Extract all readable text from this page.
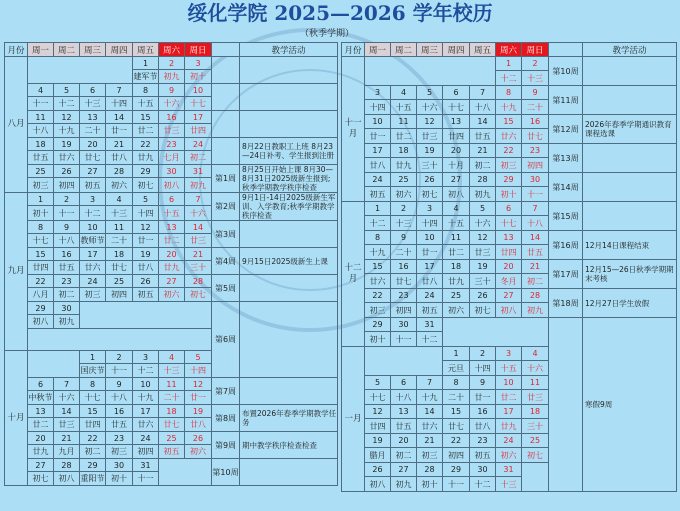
绥化学院 2025—2026 学年校历
（秋季学期）
月份	周一	周二	周三	周四	周五	周六	周日		教学活动
八月					1	2	3		
					建军节	初九	初十		
	4	5	6	7	8	9	10		
	十一	十二	十三	十四	十五	十六	十七		
	11	12	13	14	15	16	17		
	十八	十九	二十	廿一	廿二	廿三	廿四		
	18	19	20	21	22	23	24		8月22日教职工上班 8月23—24日补考、学生报到注册
	廿五	廿六	廿七	廿八	廿九	七月	初二		
	25	26	27	28	29	30	31	第1周	8月25日开始上课 8月30—8月31日2025级新生报到;秋季学期教学秩序检查
	初三	初四	初五	初六	初七	初八	初九		
九月	1	2	3	4	5	6	7	第2周	9月1日-14日2025级新生军训、入学教育;秋季学期教学秩序检查
	初十	十一	十二	十三	十四	十五	十六		
	8	9	10	11	12	13	14	第3周	
	十七	十八	教师节	二十	廿一	廿二	廿三		
	15	16	17	18	19	20	21	第4周	9月15日2025级新生上课
	廿四	廿五	廿六	廿七	廿八	廿九	三十		
	22	23	24	25	26	27	28	第5周	
	八月	初二	初三	初四	初五	初六	初七		
	29	30						第6周	
	初八	初九							

十月			1	2	3	4	5		
			国庆节	十一	十二	十三	十四		
	6	7	8	9	10	11	12	第7周	
	中秋节	十六	十七	十八	十九	二十	廿一		
	13	14	15	16	17	18	19	第8周	布置2026年春季学期教学任务
	廿二	廿三	廿四	廿五	廿六	廿七	廿八		
	20	21	22	23	24	25	26	第9周	期中教学秩序检查检查
	廿九	九月	初二	初三	初四	初五	初六		
	27	28	29	30	31			第10周	
	初七	初八	重阳节	初十	十一				
月份	周一	周二	周三	周四	周五	周六	周日		教学活动
十一月						1	2	第10周	
						十二	十三		
	3	4	5	6	7	8	9	第11周	
	十四	十五	十六	十七	十八	十九	二十		
	10	11	12	13	14	15	16	第12周	2026年春季学期通识教育课程选课
	廿一	廿二	廿三	廿四	廿五	廿六	廿七		
	17	18	19	20	21	22	23	第13周	
	廿八	廿九	三十	十月	初二	初三	初四		
	24	25	26	27	28	29	30	第14周	
	初五	初六	初七	初八	初九	初十	十一		
十二月	1	2	3	4	5	6	7	第15周	
	十二	十三	十四	十五	十六	十七	十八		
	8	9	10	11	12	13	14	第16周	12月14日课程结束
	十九	二十	廿一	廿二	廿三	廿四	廿五		
	15	16	17	18	19	20	21	第17周	12月15—26日秋季学期期末考核
	廿六	廿七	廿八	廿九	三十	冬月	初二		
	22	23	24	25	26	27	28	第18周	12月27日学生放假
	初三	初四	初五	初六	初七	初八	初九		
	29	30	31						寒假9周
	初十	十一	十二						
一月				1	2	3	4		
				元旦	十四	十五	十六		
	5	6	7	8	9	10	11		
	十七	十八	十九	二十	廿一	廿二	廿三		
	12	13	14	15	16	17	18		
	廿四	廿五	廿六	廿七	廿八	廿九	三十		
	19	20	21	22	23	24	25		
	腊月	初二	初三	初四	初五	初六	初七		
	26	27	28	29	30	31			
	初八	初九	初十	十一	十二	十三			
